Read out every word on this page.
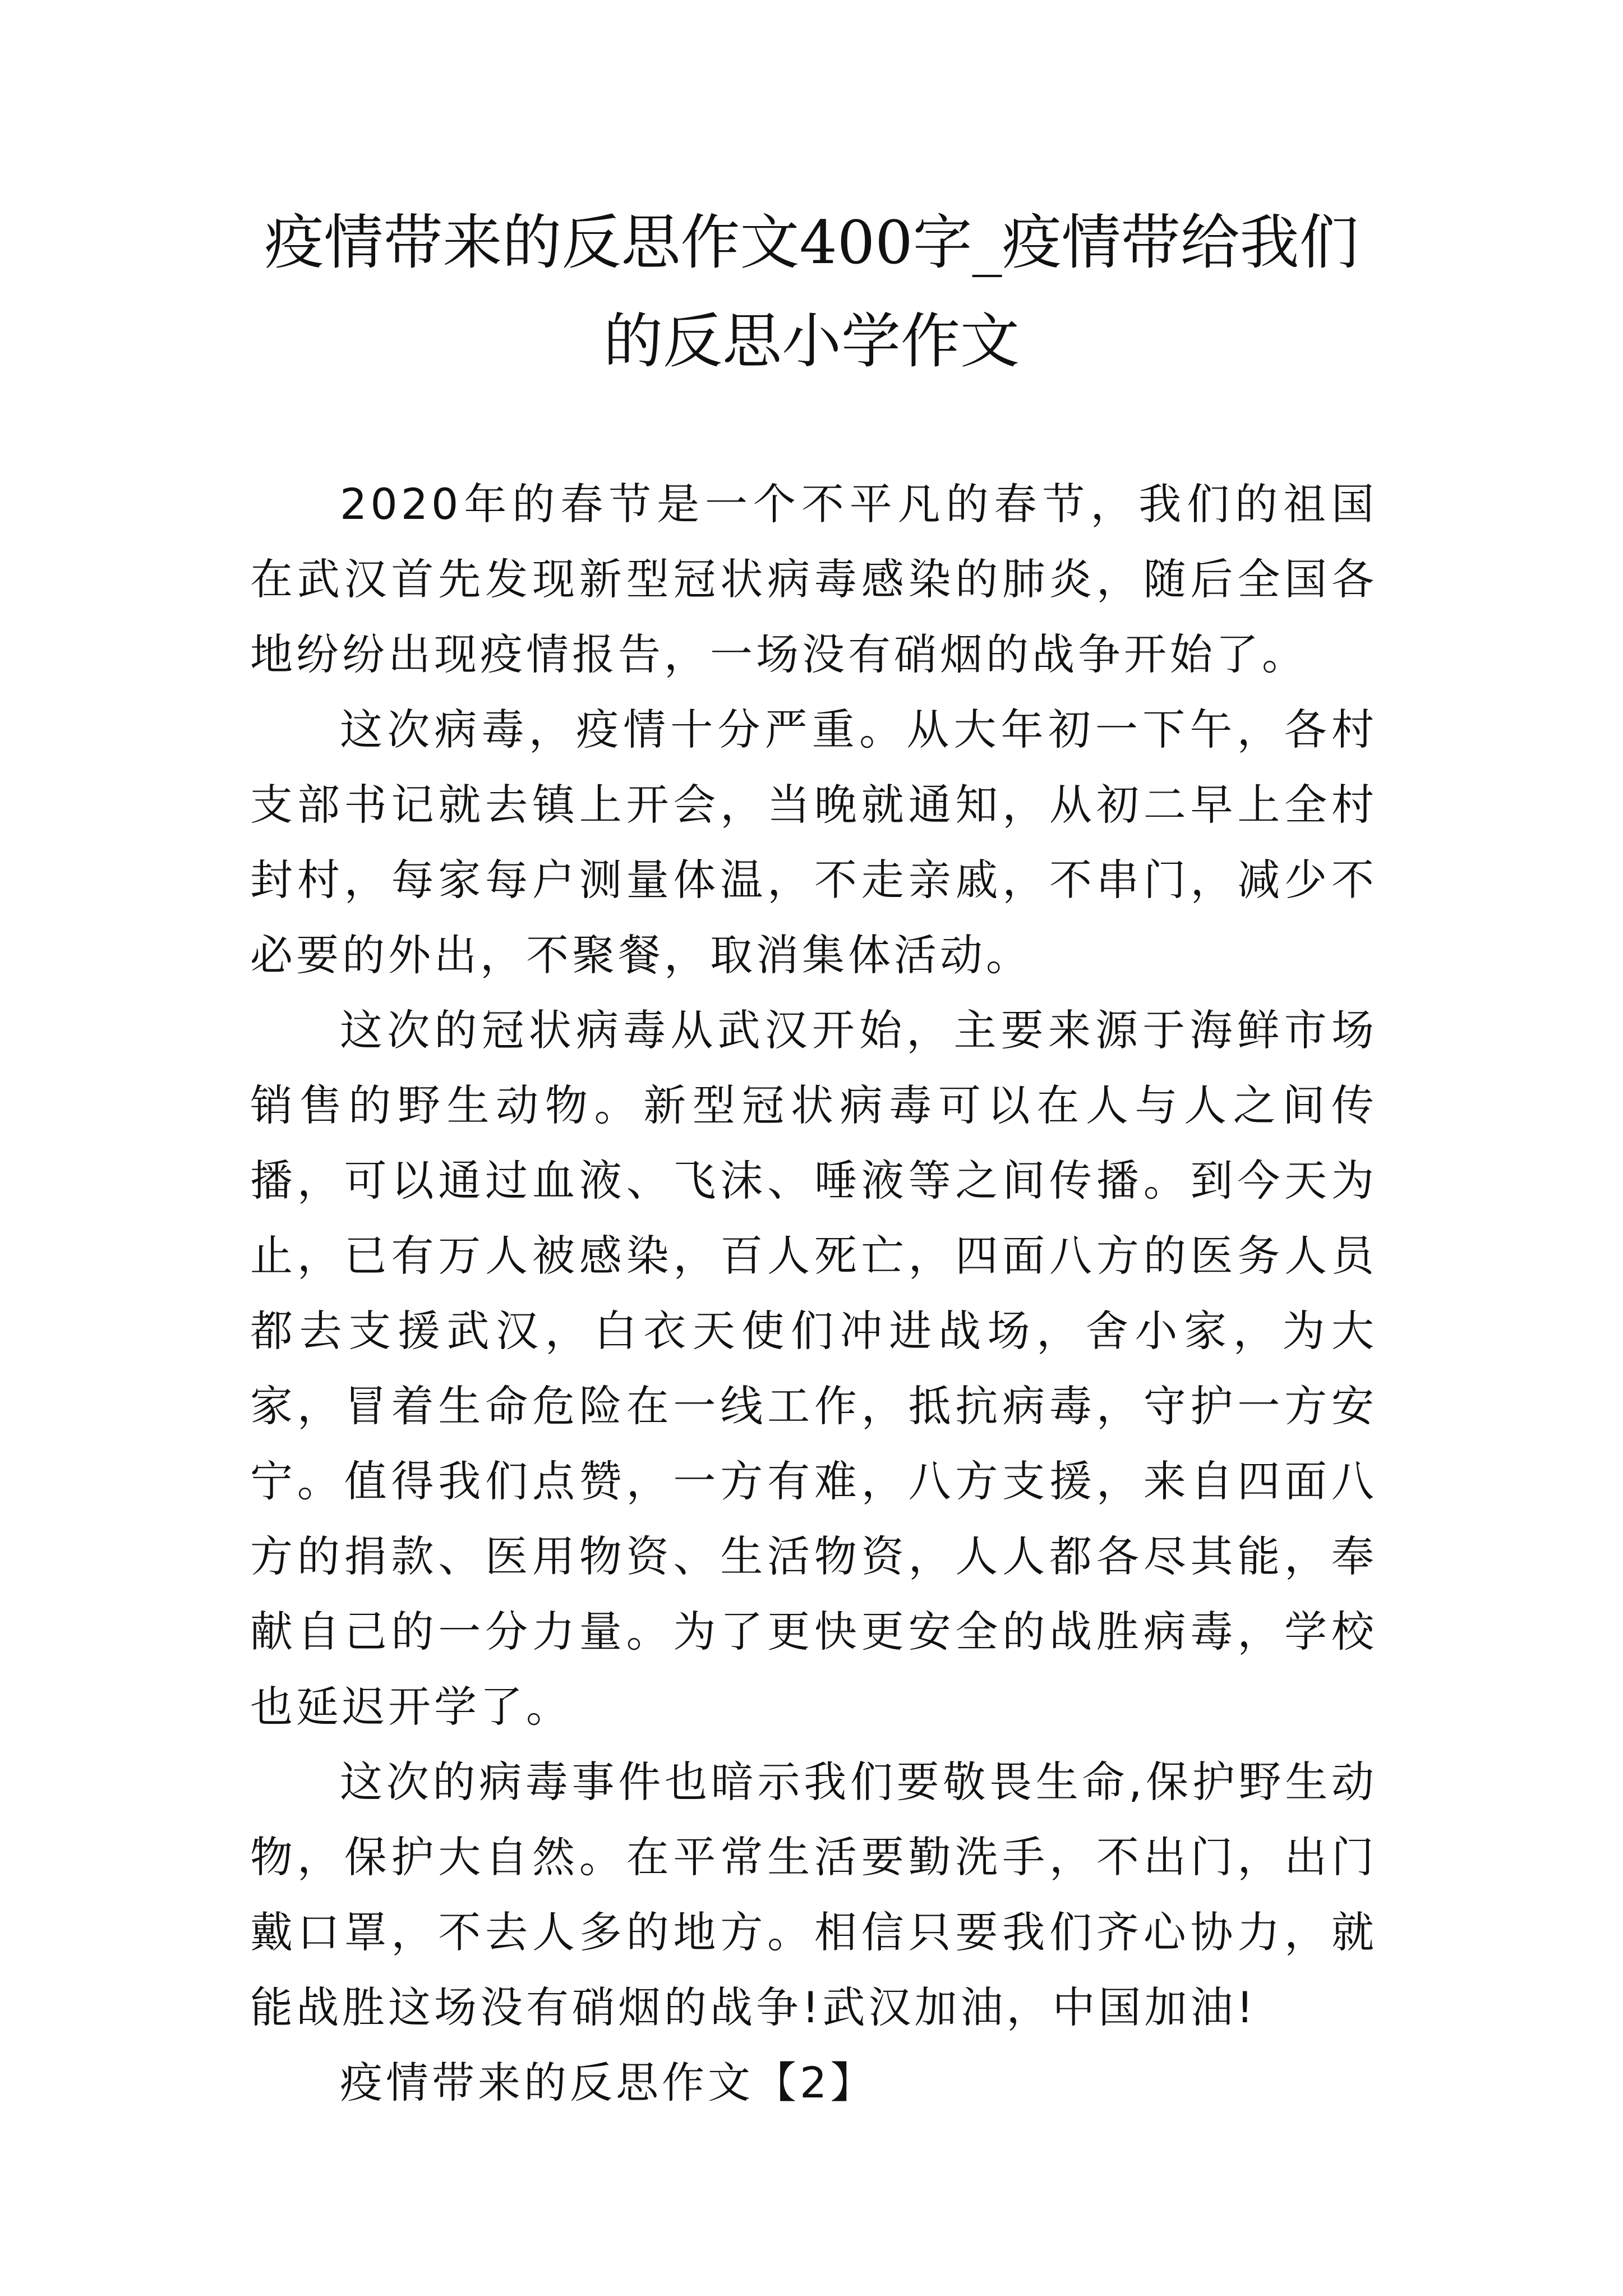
疫情带来的反思作文400字_疫情带给我们的反思小学作文

2020年的春节是一个不平凡的春节，我们的祖国在武汉首先发现新型冠状病毒感染的肺炎，随后全国各地纷纷出现疫情报告，一场没有硝烟的战争开始了。

这次病毒，疫情十分严重。从大年初一下午，各村支部书记就去镇上开会，当晚就通知，从初二早上全村封村，每家每户测量体温，不走亲戚，不串门，减少不必要的外出，不聚餐，取消集体活动。

这次的冠状病毒从武汉开始，主要来源于海鲜市场销售的野生动物。新型冠状病毒可以在人与人之间传播，可以通过血液、飞沫、唾液等之间传播。到今天为止，已有万人被感染，百人死亡，四面八方的医务人员都去支援武汉，白衣天使们冲进战场，舍小家，为大家，冒着生命危险在一线工作，抵抗病毒，守护一方安宁。值得我们点赞，一方有难，八方支援，来自四面八方的捐款、医用物资、生活物资，人人都各尽其能，奉献自己的一分力量。为了更快更安全的战胜病毒，学校也延迟开学了。

这次的病毒事件也暗示我们要敬畏生命,保护野生动物，保护大自然。在平常生活要勤洗手，不出门，出门戴口罩，不去人多的地方。相信只要我们齐心协力，就能战胜这场没有硝烟的战争!武汉加油，中国加油!

疫情带来的反思作文【2】
